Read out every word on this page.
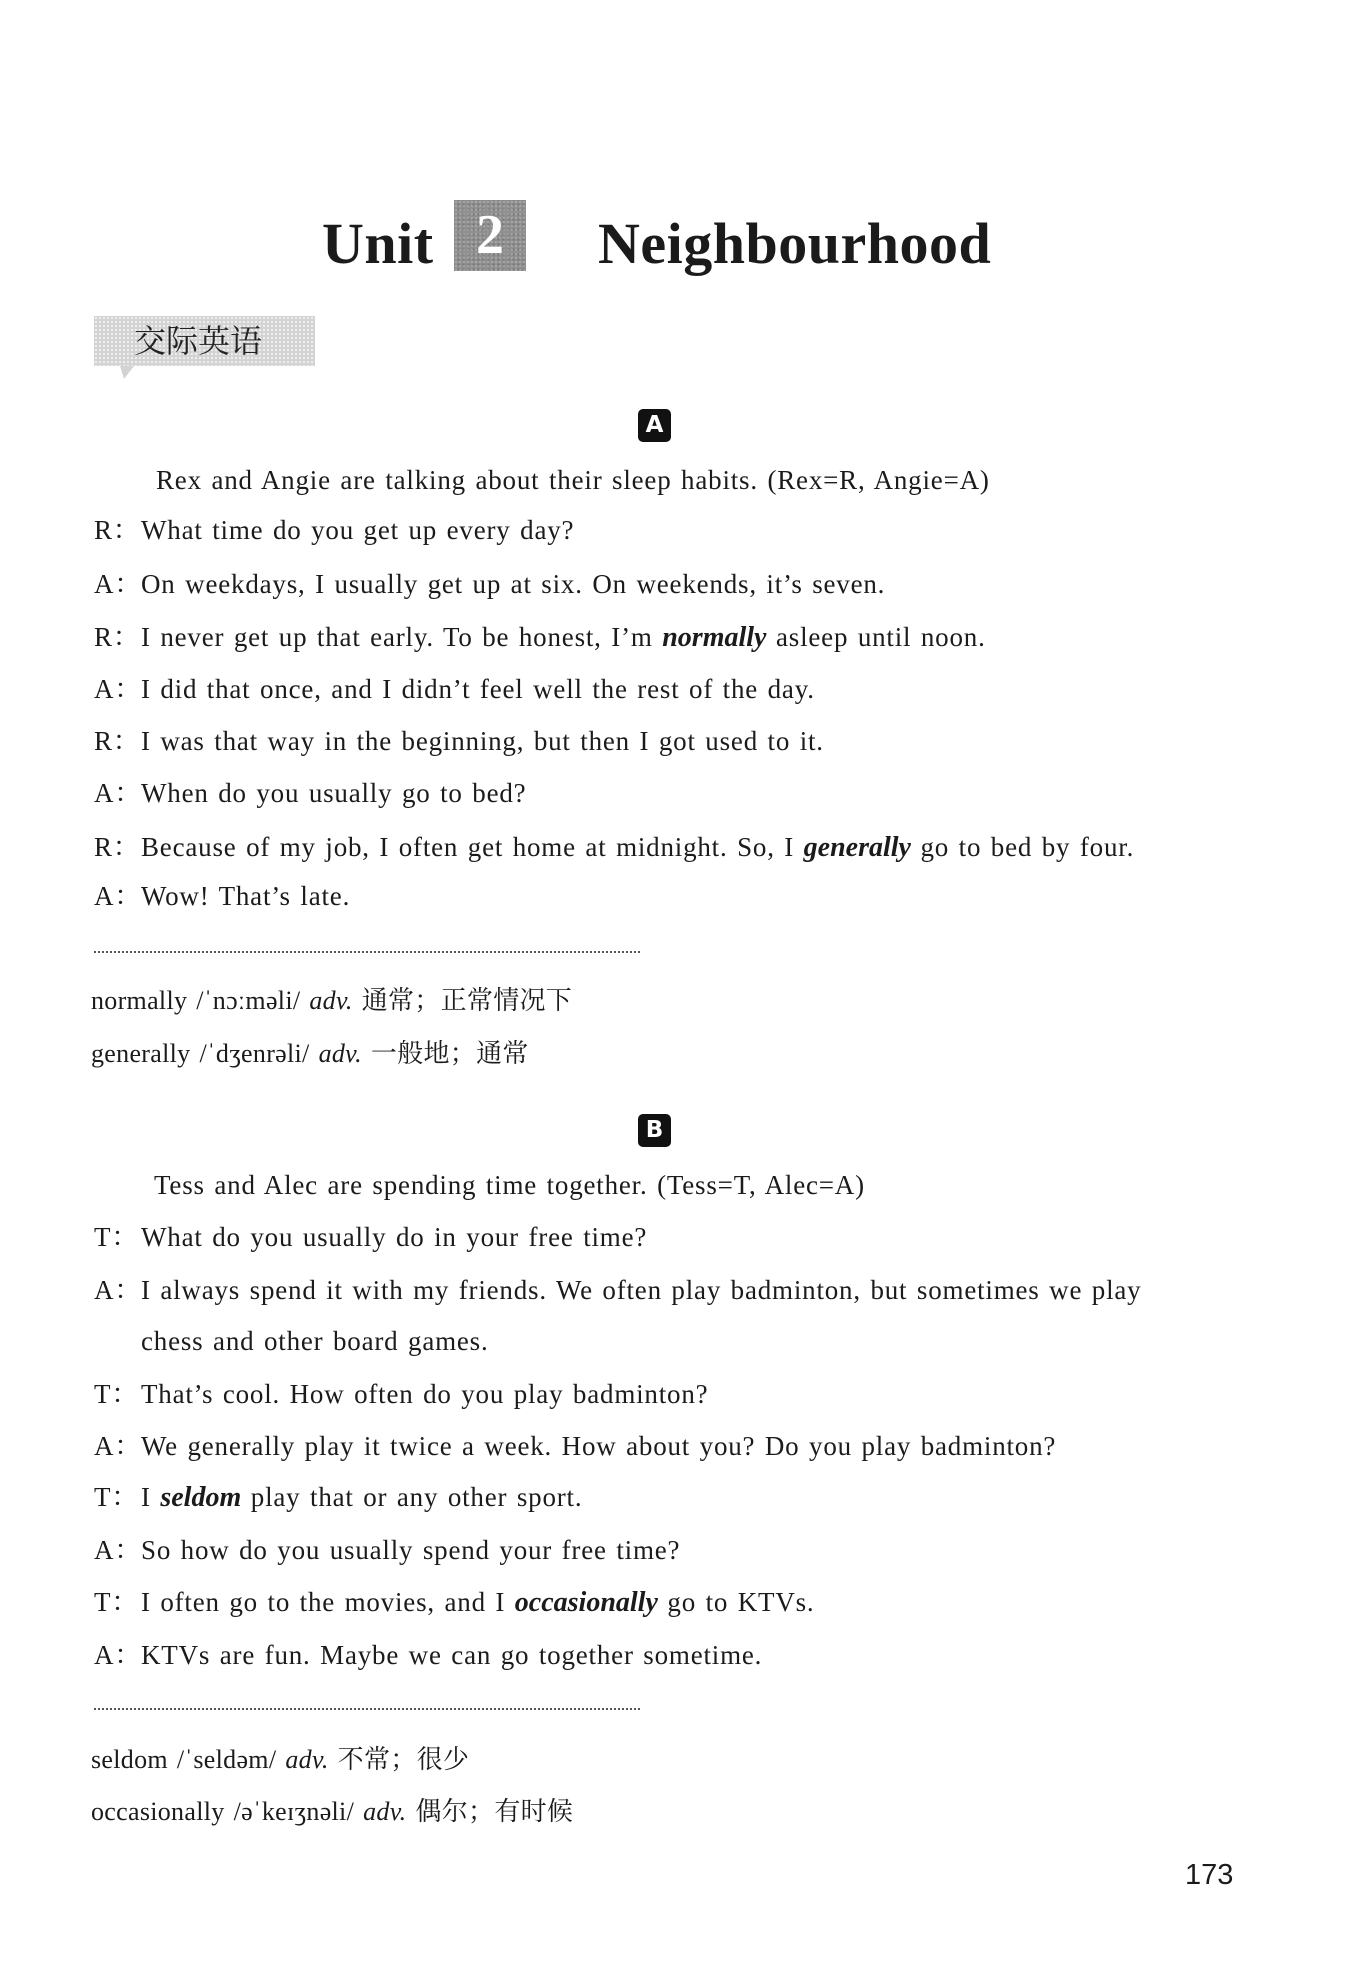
Unit 2	Neighbourhood
交际英语
A
Rex and Angie are talking about their sleep habits. (Rex=R, Angie=A)
R：What time do you get up every day?
A：On weekdays, I usually get up at six. On weekends, it’s seven.
R：I never get up that early. To be honest, I’m normally asleep until noon.
A：I did that once, and I didn’t feel well the rest of the day.
R：I was that way in the beginning, but then I got used to it.
A：When do you usually go to bed?
R：Because of my job, I often get home at midnight. So, I generally go to bed by four.
A：Wow! That’s late.
normally /ˈnɔːməli/ adv. 通常；正常情况下
generally /ˈdʒenrəli/ adv. 一般地；通常
B
Tess and Alec are spending time together. (Tess=T, Alec=A)
T：What do you usually do in your free time?
A：I always spend it with my friends. We often play badminton, but sometimes we play
chess and other board games.
T：That’s cool. How often do you play badminton?
A：We generally play it twice a week. How about you? Do you play badminton?
T：I seldom play that or any other sport.
A：So how do you usually spend your free time?
T：I often go to the movies, and I occasionally go to KTVs.
A：KTVs are fun. Maybe we can go together sometime.
seldom /ˈseldəm/ adv. 不常；很少
occasionally /əˈkeɪʒnəli/ adv. 偶尔；有时候
173
